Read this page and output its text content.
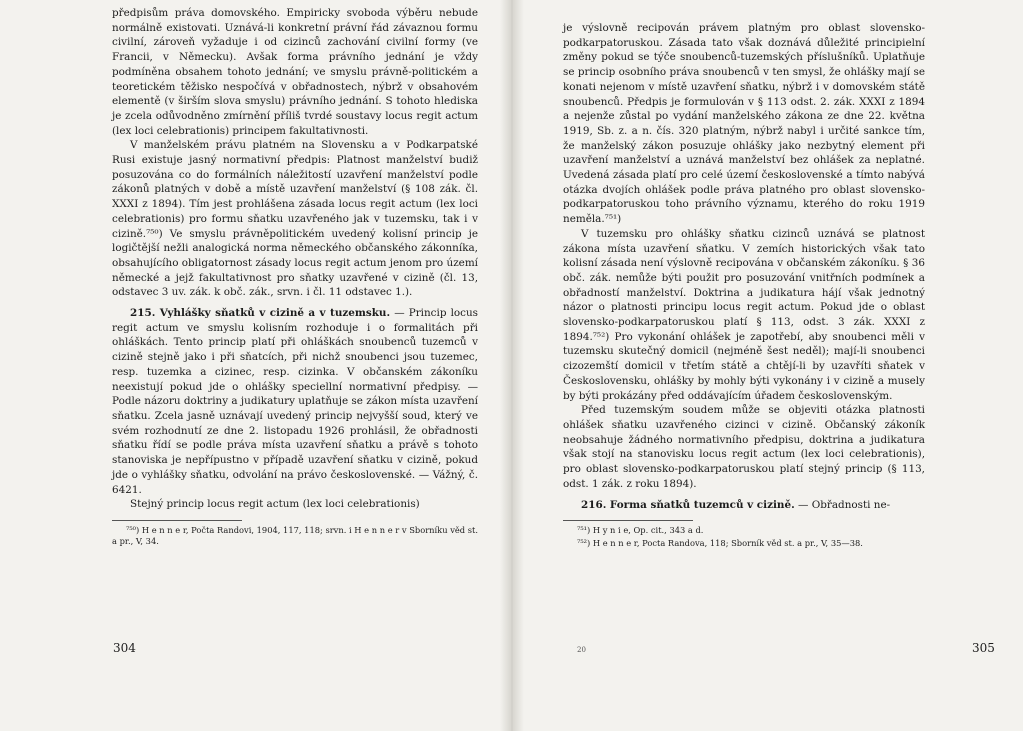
předpisům práva domovského. Empiricky svoboda výběru nebude normálně existovati. Uznává-li konkretní právní řád závaznou formu civilní, zároveň vyžaduje i od cizinců zachování civilní formy (ve Francii, v Německu). Avšak forma právního jednání je vždy podmíněna obsahem tohoto jednání; ve smyslu právně-politickém a teoretickém těžisko nespočívá v obřadnostech, nýbrž v obsahovém elementě (v širším slova smyslu) právního jednání. S tohoto hlediska je zcela odůvodněno zmírnění příliš tvrdé soustavy locus regit actum (lex loci celebrationis) principem fakultativnosti.

V manželském právu platném na Slovensku a v Podkarpatské Rusi existuje jasný normativní předpis: Platnost manželství budiž posuzována co do formálních náležitostí uzavření manželství podle zákonů platných v době a místě uzavření manželství (§ 108 zák. čl. XXXI z 1894). Tím jest prohlášena zásada locus regit actum (lex loci celebrationis) pro formu sňatku uzavřeného jak v tuzemsku, tak i v cizině.⁷⁵⁰) Ve smyslu právněpolitickém uvedený kolisní princip je logičtější nežli analogická norma německého občanského zákonníka, obsahujícího obligatornost zásady locus regit actum jenom pro území německé a jejž fakultativnost pro sňatky uzavřené v cizině (čl. 13, odstavec 3 uv. zák. k obč. zák., srvn. i čl. 11 odstavec 1.).

215. Vyhlášky sňatků v cizině a v tuzemsku. — Princip locus regit actum ve smyslu kolisním rozhoduje i o formalitách při ohláškách. Tento princip platí při ohláškách snoubenců tuzemců v cizině stejně jako i při sňatcích, při nichž snoubenci jsou tuzemec, resp. tuzemka a cizinec, resp. cizinka. V občanském zákoníku neexistují pokud jde o ohlášky speciellní normativní předpisy. — Podle názoru doktriny a judikatury uplatňuje se zákon místa uzavření sňatku. Zcela jasně uznávají uvedený princip nejvyšší soud, který ve svém rozhodnutí ze dne 2. listopadu 1926 prohlásil, že obřadnosti sňatku řídí se podle práva místa uzavření sňatku a právě s tohoto stanoviska je nepřípustno v případě uzavření sňatku v cizině, pokud jde o vyhlášky sňatku, odvolání na právo československé. — Vážný, č. 6421.

Stejný princip locus regit actum (lex loci celebrationis)

⁷⁵⁰) H e n n e r, Počta Randovi, 1904, 117, 118; srvn. i H e n n e r v Sborníku věd st. a pr., V, 34.

304

je výslovně recipován právem platným pro oblast slovensko-podkarpatoruskou. Zásada tato však doznává důležité principielní změny pokud se týče snoubenců-tuzemských příslušníků. Uplatňuje se princip osobního práva snoubenců v ten smysl, že ohlášky mají se konati nejenom v místě uzavření sňatku, nýbrž i v domovském státě snoubenců. Předpis je formulován v § 113 odst. 2. zák. XXXI z 1894 a nejenže zůstal po vydání manželského zákona ze dne 22. května 1919, Sb. z. a n. čís. 320 platným, nýbrž nabyl i určité sankce tím, že manželský zákon posuzuje ohlášky jako nezbytný element při uzavření manželství a uznává manželství bez ohlášek za neplatné. Uvedená zásada platí pro celé území československé a tímto nabývá otázka dvojích ohlášek podle práva platného pro oblast slovensko-podkarpatoruskou toho právního významu, kterého do roku 1919 neměla.⁷⁵¹)

V tuzemsku pro ohlášky sňatku cizinců uznává se platnost zákona místa uzavření sňatku. V zemích historických však tato kolisní zásada není výslovně recipována v občanském zákoníku. § 36 obč. zák. nemůže býti použit pro posuzování vnitřních podmínek a obřadností manželství. Doktrina a judikatura hájí však jednotný názor o platnosti principu locus regit actum. Pokud jde o oblast slovensko-podkarpatoruskou platí § 113, odst. 3 zák. XXXI z 1894.⁷⁵²) Pro vykonání ohlášek je zapotřebí, aby snoubenci měli v tuzemsku skutečný domicil (nejméně šest neděl); mají-li snoubenci cizozemští domicil v třetím státě a chtějí-li by uzavříti sňatek v Československu, ohlášky by mohly býti vykonány i v cizině a musely by býti prokázány před oddávajícím úřadem československým.

Před tuzemským soudem může se objeviti otázka platnosti ohlášek sňatku uzavřeného cizinci v cizině. Občanský zákoník neobsahuje žádného normativního předpisu, doktrina a judikatura však stojí na stanovisku locus regit actum (lex loci celebrationis), pro oblast slovensko-podkarpatoruskou platí stejný princip (§ 113, odst. 1 zák. z roku 1894).

216. Forma sňatků tuzemců v cizině. — Obřadnosti ne-

⁷⁵¹) H y n i e, Op. cit., 343 a d.

⁷⁵²) H e n n e r, Pocta Randova, 118; Sborník věd st. a pr., V, 35—38.

20	305
